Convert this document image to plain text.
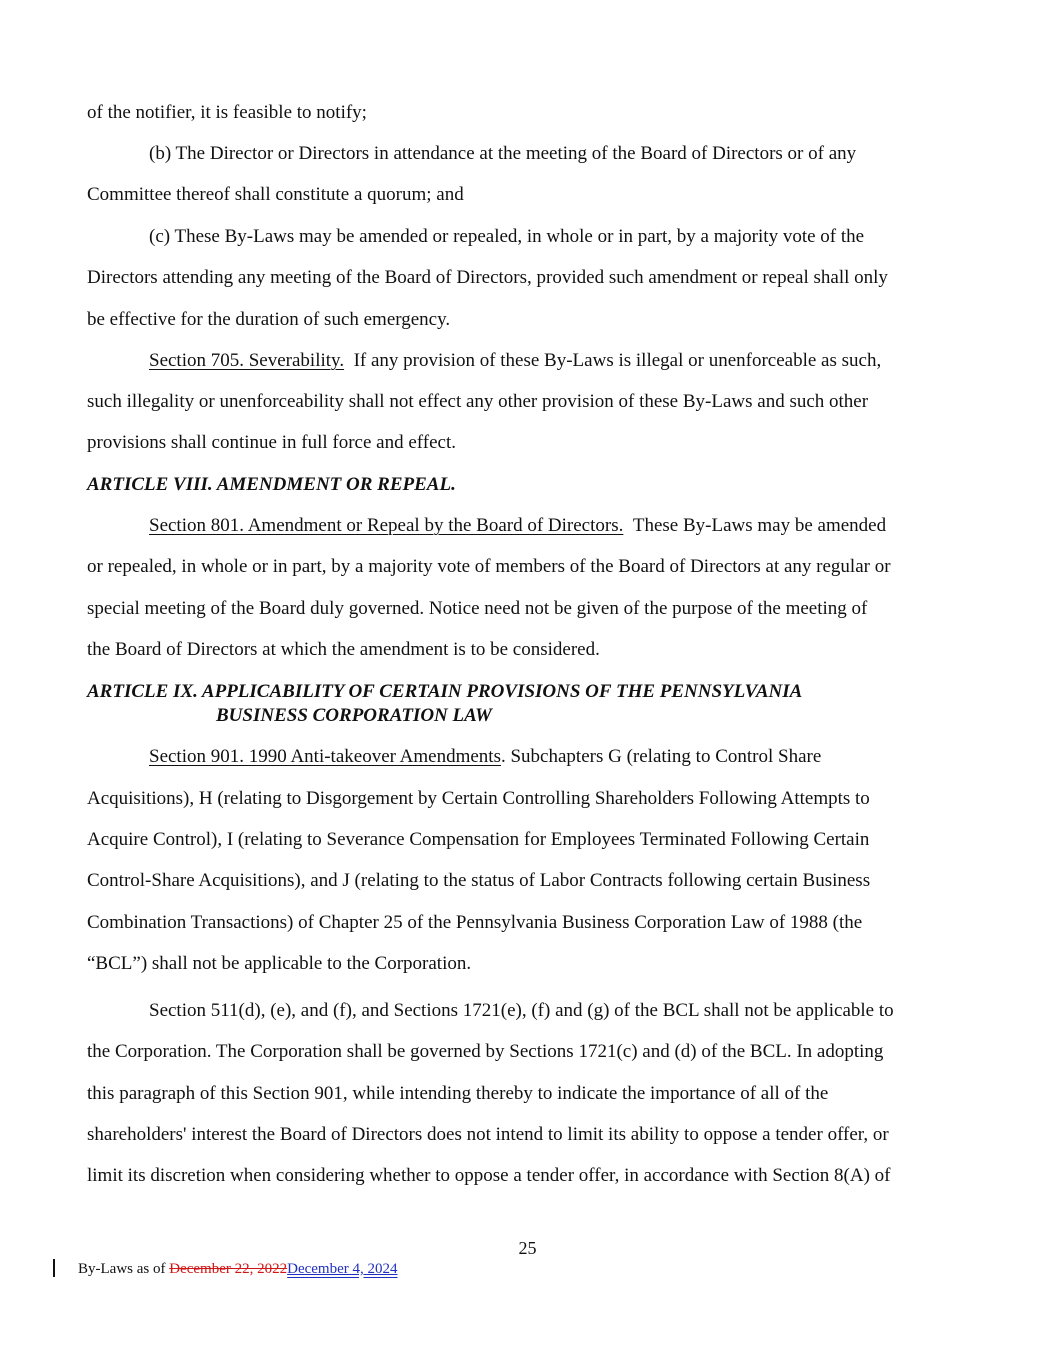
of the notifier, it is feasible to notify;
(b) The Director or Directors in attendance at the meeting of the Board of Directors or of any
Committee thereof shall constitute a quorum; and
(c) These By-Laws may be amended or repealed, in whole or in part, by a majority vote of the
Directors attending any meeting of the Board of Directors, provided such amendment or repeal shall only
be effective for the duration of such emergency.
Section 705. Severability. If any provision of these By-Laws is illegal or unenforceable as such,
such illegality or unenforceability shall not effect any other provision of these By-Laws and such other
provisions shall continue in full force and effect.
ARTICLE VIII. AMENDMENT OR REPEAL.
Section 801. Amendment or Repeal by the Board of Directors. These By-Laws may be amended
or repealed, in whole or in part, by a majority vote of members of the Board of Directors at any regular or
special meeting of the Board duly governed. Notice need not be given of the purpose of the meeting of
the Board of Directors at which the amendment is to be considered.
ARTICLE IX. APPLICABILITY OF CERTAIN PROVISIONS OF THE PENNSYLVANIA
BUSINESS CORPORATION LAW
Section 901. 1990 Anti-takeover Amendments. Subchapters G (relating to Control Share
Acquisitions), H (relating to Disgorgement by Certain Controlling Shareholders Following Attempts to
Acquire Control), I (relating to Severance Compensation for Employees Terminated Following Certain
Control-Share Acquisitions), and J (relating to the status of Labor Contracts following certain Business
Combination Transactions) of Chapter 25 of the Pennsylvania Business Corporation Law of 1988 (the
“BCL”) shall not be applicable to the Corporation.
Section 511(d), (e), and (f), and Sections 1721(e), (f) and (g) of the BCL shall not be applicable to
the Corporation. The Corporation shall be governed by Sections 1721(c) and (d) of the BCL. In adopting
this paragraph of this Section 901, while intending thereby to indicate the importance of all of the
shareholders' interest the Board of Directors does not intend to limit its ability to oppose a tender offer, or
limit its discretion when considering whether to oppose a tender offer, in accordance with Section 8(A) of
25
By-Laws as of December 22, 2022December 4, 2024
